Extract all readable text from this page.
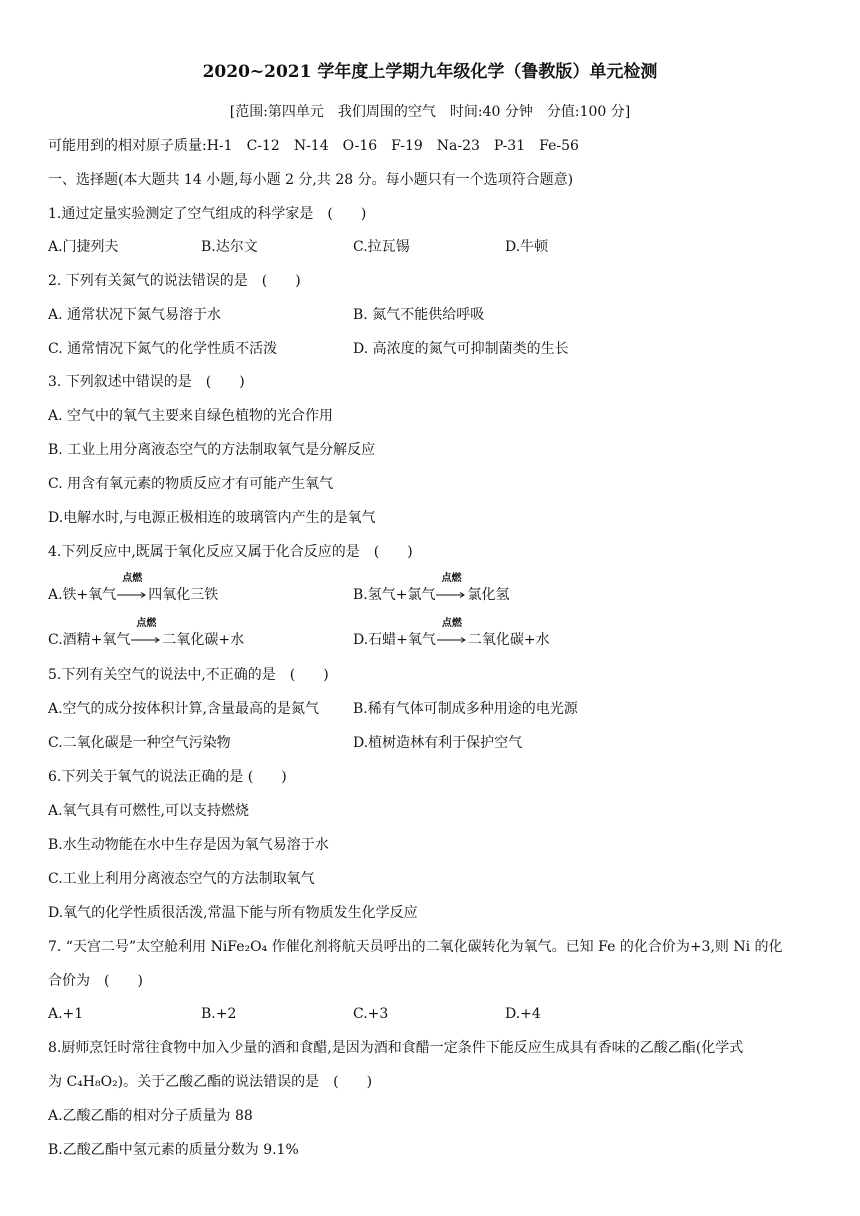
2020~2021 学年度上学期九年级化学（鲁教版）单元检测
[范围:第四单元　我们周围的空气　时间:40 分钟　分值:100 分]
可能用到的相对原子质量:H-1　C-12　N-14　O-16　F-19　Na-23　P-31　Fe-56
一、选择题(本大题共 14 小题,每小题 2 分,共 28 分。每小题只有一个选项符合题意)
1.通过定量实验测定了空气组成的科学家是　(　　)
A.门捷列夫	B.达尔文	C.拉瓦锡	D.牛顿
2. 下列有关氮气的说法错误的是　(　　)
A. 通常状况下氮气易溶于水	B. 氮气不能供给呼吸
C. 通常情况下氮气的化学性质不活泼	D. 高浓度的氮气可抑制菌类的生长
3. 下列叙述中错误的是　(　　)
A. 空气中的氧气主要来自绿色植物的光合作用
B. 工业上用分离液态空气的方法制取氧气是分解反应
C. 用含有氧元素的物质反应才有可能产生氧气
D.电解水时,与电源正极相连的玻璃管内产生的是氧气
4.下列反应中,既属于氧化反应又属于化合反应的是　(　　)
A.铁+氧气
点燃
四氧化三铁	B.氢气+氯气
点燃
氯化氢
C.酒精+氧气
点燃
二氧化碳+水	D.石蜡+氧气
点燃
二氧化碳+水
5.下列有关空气的说法中,不正确的是　(　　)
A.空气的成分按体积计算,含量最高的是氮气 B.稀有气体可制成多种用途的电光源
C.二氧化碳是一种空气污染物	D.植树造林有利于保护空气
6.下列关于氧气的说法正确的是 (　　)
A.氧气具有可燃性,可以支持燃烧
B.水生动物能在水中生存是因为氧气易溶于水
C.工业上利用分离液态空气的方法制取氧气
D.氧气的化学性质很活泼,常温下能与所有物质发生化学反应
7. “天宫二号”太空舱利用 NiFe₂O₄ 作催化剂将航天员呼出的二氧化碳转化为氧气。已知 Fe 的化合价为+3,则 Ni 的化
合价为　(　　)
A.+1	B.+2	C.+3	D.+4
8.厨师烹饪时常往食物中加入少量的酒和食醋,是因为酒和食醋一定条件下能反应生成具有香味的乙酸乙酯(化学式
为 C₄H₈O₂)。关于乙酸乙酯的说法错误的是　(　　)
A.乙酸乙酯的相对分子质量为 88
B.乙酸乙酯中氢元素的质量分数为 9.1%
